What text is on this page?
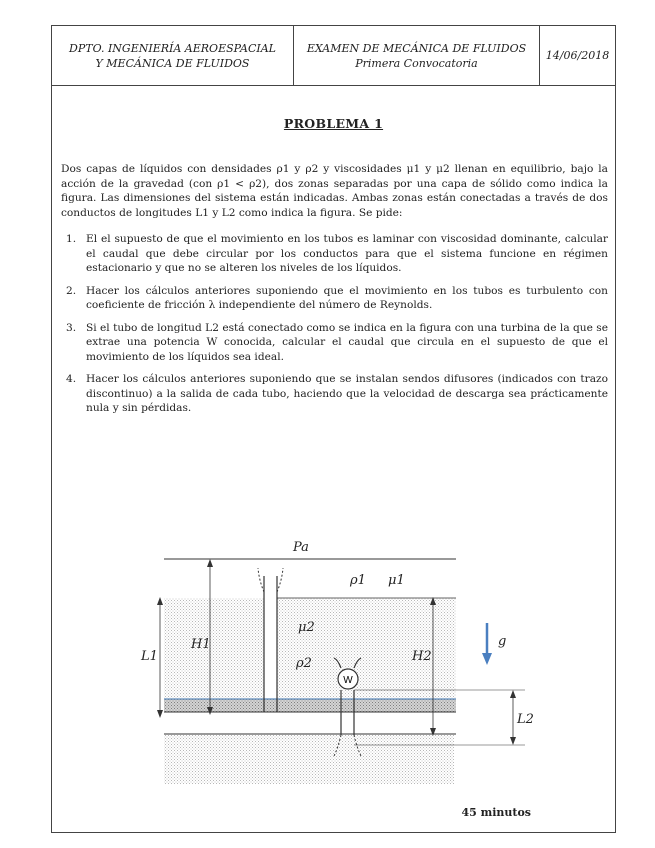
DPTO. INGENIERÍA AEROESPACIAL
Y MECÁNICA DE FLUIDOS
EXAMEN DE MECÁNICA DE FLUIDOS
Primera Convocatoria
14/06/2018
PROBLEMA 1
Dos capas de líquidos con densidades ρ1 y ρ2 y viscosidades μ1 y μ2 llenan en equilibrio, bajo la acción de la gravedad (con ρ1 < ρ2), dos zonas separadas por una capa de sólido como indica la figura. Las dimensiones del sistema están indicadas. Ambas zonas están conectadas a través de dos conductos de longitudes L1 y L2 como indica la figura. Se pide:
1. El el supuesto de que el movimiento en los tubos es laminar con viscosidad dominante, calcular el caudal que debe circular por los conductos para que el sistema funcione en régimen estacionario y que no se alteren los niveles de los líquidos.
2. Hacer los cálculos anteriores suponiendo que el movimiento en los tubos es turbulento con coeficiente de fricción λ independiente del número de Reynolds.
3. Si el tubo de longitud L2 está conectado como se indica en la figura con una turbina de la que se extrae una potencia W conocida, calcular el caudal que circula en el supuesto de que el movimiento de los líquidos sea ideal.
4. Hacer los cálculos anteriores suponiendo que se instalan sendos difusores (indicados con trazo discontinuo) a la salida de cada tubo, haciendo que la velocidad de descarga sea prácticamente nula y sin pérdidas.
45 minutos
W
Pa
ρ1 μ1
μ2
ρ2
H1
H2
L1
L2
g
